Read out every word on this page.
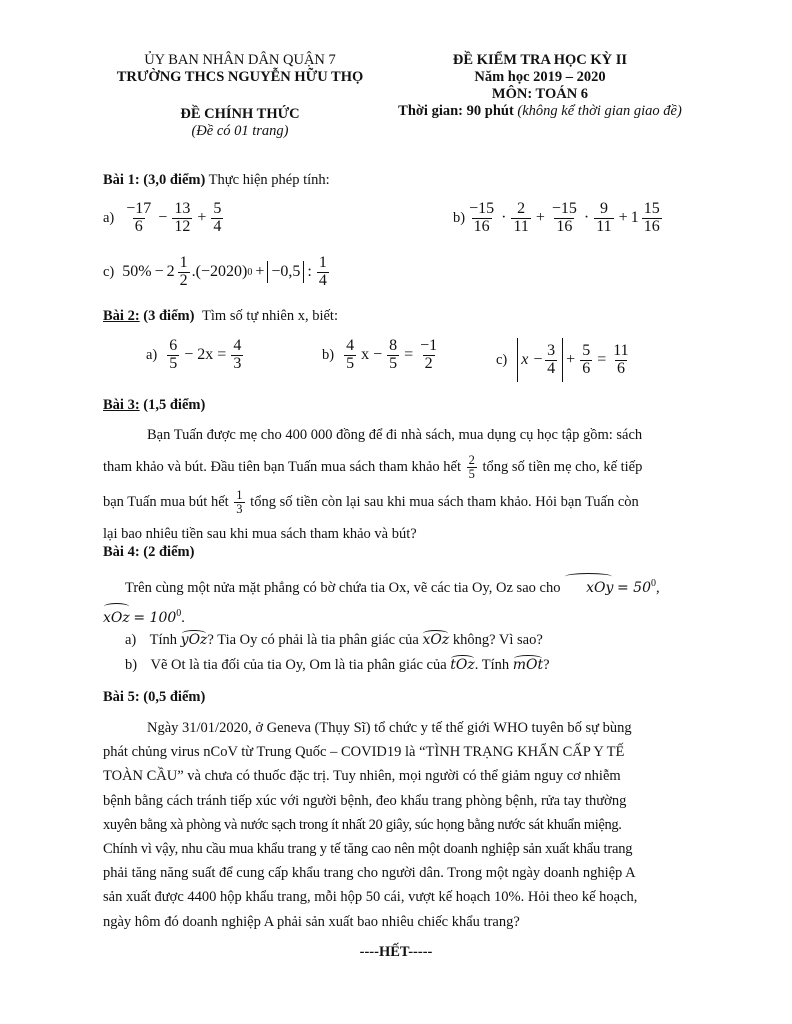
ỦY BAN NHÂN DÂN QUẬN 7
TRƯỜNG THCS NGUYỄN HỮU THỌ
ĐỀ CHÍNH THỨC
(Đề có 01 trang)
ĐỀ KIỂM TRA HỌC KỲ II
Năm học 2019 – 2020
MÔN: TOÁN 6
Thời gian: 90 phút (không kể thời gian giao đề)
Bài 1: (3,0 điểm) Thực hiện phép tính:
$a) \frac{-17}{6} - \frac{13}{12} + \frac{5}{4}$	$b) \frac{-15}{16} \cdot \frac{2}{11} + \frac{-15}{16} \cdot \frac{9}{11} + 1 \frac{15}{16}$
c) $50\% - 2 \frac{1}{2} .(-2020) 0 + -0,5$ : $\frac{1}{4}$
Bài 2: (3 điểm) Tìm số tự nhiên x, biết:
$a) \frac{6}{5} - 2x = \frac{4}{3}$	$b) \frac{4}{5}$ $x - \frac{8}{5} = \frac{-1}{2}$	c) $x - \frac{3}{4} + \frac{5}{6} = \frac{11}{6}$
Bài 3: (1,5 điểm)
Bạn Tuấn được mẹ cho 400 000 đồng để đi nhà sách, mua dụng cụ học tập gồm: sách
tham khảo và bút. Đầu tiên bạn Tuấn mua sách tham khảo hết $\frac{2}{5}$ tổng số tiền mẹ cho, kế tiếp
bạn Tuấn mua bút hết $\frac{1}{3}$ tổng số tiền còn lại sau khi mua sách tham khảo. Hỏi bạn Tuấn còn
lại bao nhiêu tiền sau khi mua sách tham khảo và bút?
Bài 4: (2 điểm)
Trên cùng một nửa mặt phẳng có bờ chứa tia Ox, vẽ các tia Oy, Oz sao cho xOy = $50^0$,
xOz = $100^0$.
a) Tính yOz? Tia Oy có phải là tia phân giác của xOz không? Vì sao?
b) Vẽ Ot là tia đối của tia Oy, Om là tia phân giác của tOz. Tính mOt?
Bài 5: (0,5 điểm)
Ngày 31/01/2020, ở Geneva (Thụy Sĩ) tổ chức y tế thế giới WHO tuyên bố sự bùng
phát chủng virus nCoV từ Trung Quốc – COVID19 là “TÌNH TRẠNG KHẨN CẤP Y TẾ
TOÀN CẦU” và chưa có thuốc đặc trị. Tuy nhiên, mọi người có thể giảm nguy cơ nhiễm
bệnh bằng cách tránh tiếp xúc với người bệnh, đeo khẩu trang phòng bệnh, rửa tay thường
xuyên bằng xà phòng và nước sạch trong ít nhất 20 giây, súc họng bằng nước sát khuẩn miệng.
Chính vì vậy, nhu cầu mua khẩu trang y tế tăng cao nên một doanh nghiệp sản xuất khẩu trang
phải tăng năng suất để cung cấp khẩu trang cho người dân. Trong một ngày doanh nghiệp A
sản xuất được 4400 hộp khẩu trang, mỗi hộp 50 cái, vượt kế hoạch 10%. Hỏi theo kế hoạch,
ngày hôm đó doanh nghiệp A phải sản xuất bao nhiêu chiếc khẩu trang?
----HẾT-----
